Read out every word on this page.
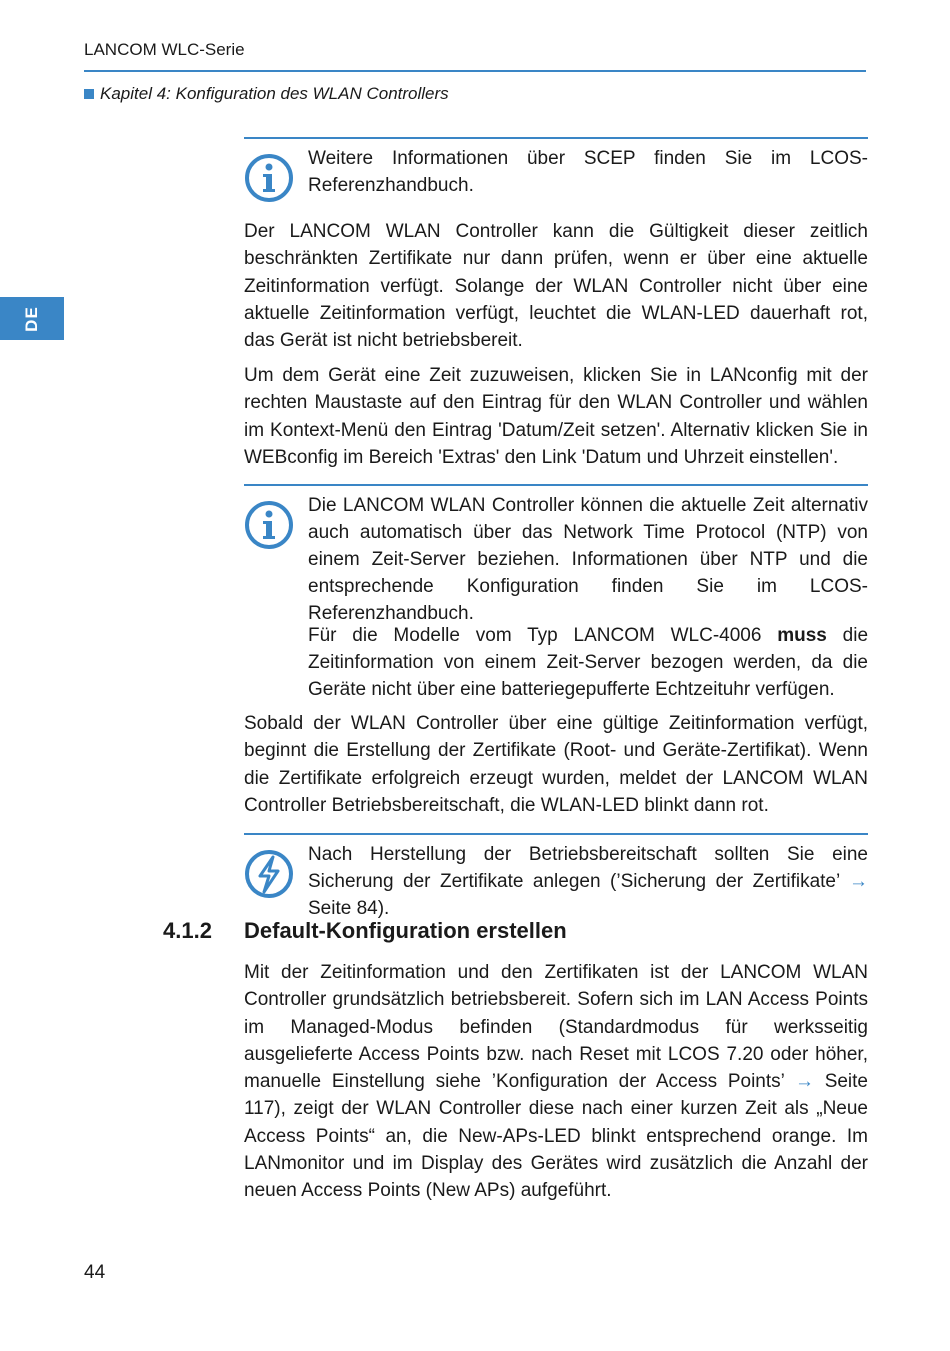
LANCOM WLC-Serie
Kapitel 4: Konfiguration des WLAN Controllers
DE
Weitere Informationen über SCEP finden Sie im LCOS-Referenzhandbuch.

Der LANCOM WLAN Controller kann die Gültigkeit dieser zeitlich beschränkten Zertifikate nur dann prüfen, wenn er über eine aktuelle Zeitinformation verfügt. Solange der WLAN Controller nicht über eine aktuelle Zeitinformation verfügt, leuchtet die WLAN-LED dauerhaft rot, das Gerät ist nicht betriebsbereit.

Um dem Gerät eine Zeit zuzuweisen, klicken Sie in LANconfig mit der rechten Maustaste auf den Eintrag für den WLAN Controller und wählen im Kontext-Menü den Eintrag 'Datum/Zeit setzen'. Alternativ klicken Sie in WEBconfig im Bereich 'Extras' den Link 'Datum und Uhrzeit einstellen'.

Die LANCOM WLAN Controller können die aktuelle Zeit alternativ auch automatisch über das Network Time Protocol (NTP) von einem Zeit-Server beziehen. Informationen über NTP und die entsprechende Konfiguration finden Sie im LCOS-Referenzhandbuch.
Für die Modelle vom Typ LANCOM WLC-4006 muss die Zeitinformation von einem Zeit-Server bezogen werden, da die Geräte nicht über eine batteriegepufferte Echtzeituhr verfügen.

Sobald der WLAN Controller über eine gültige Zeitinformation verfügt, beginnt die Erstellung der Zertifikate (Root- und Geräte-Zertifikat). Wenn die Zertifikate erfolgreich erzeugt wurden, meldet der LANCOM WLAN Controller Betriebsbereitschaft, die WLAN-LED blinkt dann rot.

Nach Herstellung der Betriebsbereitschaft sollten Sie eine Sicherung der Zertifikate anlegen (’Sicherung der Zertifikate’ → Seite 84).
4.1.2 Default-Konfiguration erstellen

Mit der Zeitinformation und den Zertifikaten ist der LANCOM WLAN Controller grundsätzlich betriebsbereit. Sofern sich im LAN Access Points im Managed-Modus befinden (Standardmodus für werksseitig ausgelieferte Access Points bzw. nach Reset mit LCOS 7.20 oder höher, manuelle Einstellung siehe ’Konfiguration der Access Points’ → Seite 117), zeigt der WLAN Controller diese nach einer kurzen Zeit als „Neue Access Points“ an, die New-APs-LED blinkt entsprechend orange. Im LANmonitor und im Display des Gerätes wird zusätzlich die Anzahl der neuen Access Points (New APs) aufgeführt.

44
